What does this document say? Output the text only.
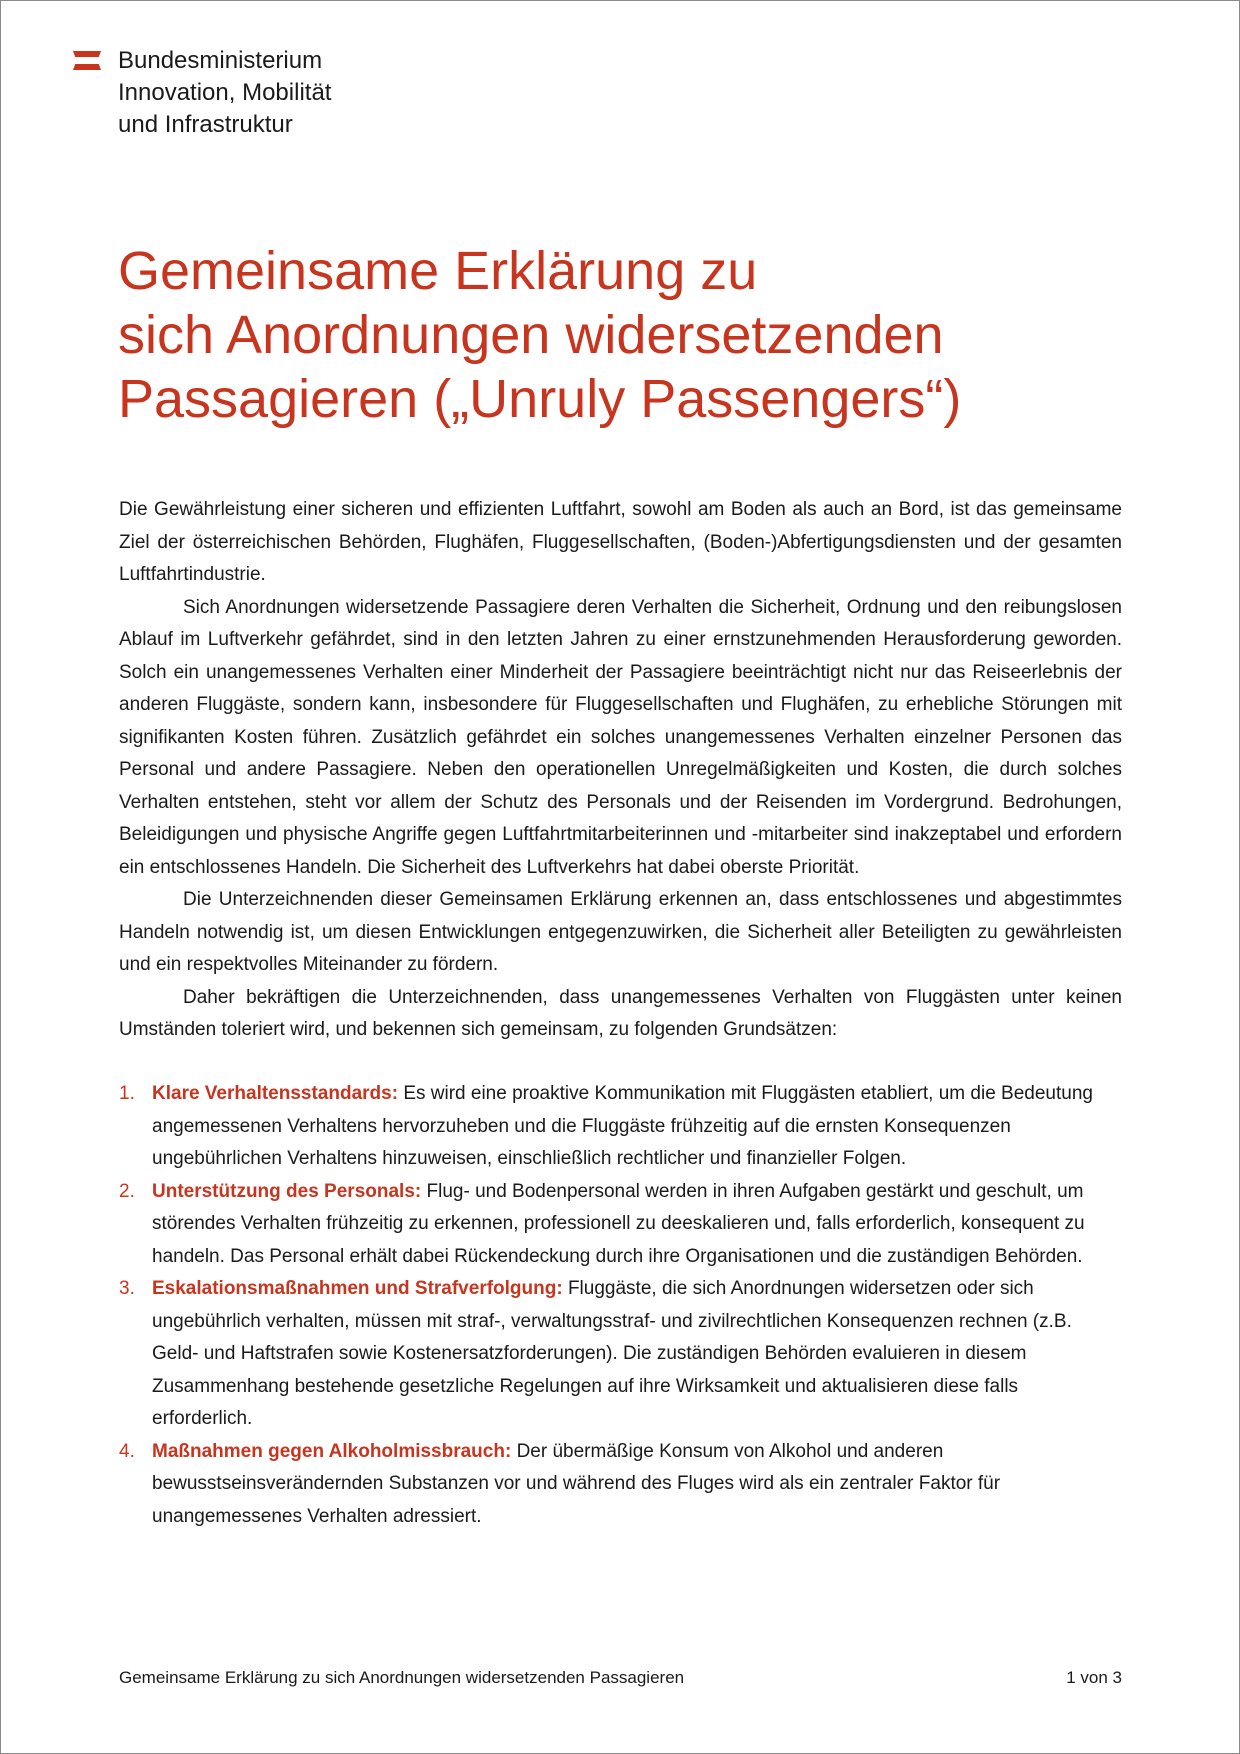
Bundesministerium
Innovation, Mobilität
und Infrastruktur
Gemeinsame Erklärung zu
sich Anordnungen widersetzenden
Passagieren („Unruly Passengers“)

Die Gewährleistung einer sicheren und effizienten Luftfahrt, sowohl am Boden als auch an Bord, ist das gemeinsame Ziel der österreichischen Behörden, Flughäfen, Fluggesellschaften, (Boden-)Abfertigungsdiensten und der gesamten Luftfahrtindustrie.

Sich Anordnungen widersetzende Passagiere deren Verhalten die Sicherheit, Ordnung und den reibungslosen Ablauf im Luftverkehr gefährdet, sind in den letzten Jahren zu einer ernstzunehmenden Herausforderung geworden. Solch ein unangemessenes Verhalten einer Minderheit der Passagiere beeinträchtigt nicht nur das Reiseerlebnis der anderen Fluggäste, sondern kann, insbesondere für Fluggesellschaften und Flughäfen, zu erhebliche Störungen mit signifikanten Kosten führen. Zusätzlich gefährdet ein solches unangemessenes Verhalten einzelner Personen das Personal und andere Passagiere. Neben den operationellen Unregelmäßigkeiten und Kosten, die durch solches Verhalten entstehen, steht vor allem der Schutz des Personals und der Reisenden im Vordergrund. Bedrohungen, Beleidigungen und physische Angriffe gegen Luftfahrtmitarbeiterinnen und -mitarbeiter sind inakzeptabel und erfordern ein entschlossenes Handeln. Die Sicherheit des Luftverkehrs hat dabei oberste Priorität.

Die Unterzeichnenden dieser Gemeinsamen Erklärung erkennen an, dass entschlossenes und abgestimmtes Handeln notwendig ist, um diesen Entwicklungen entgegenzuwirken, die Sicherheit aller Beteiligten zu gewährleisten und ein respektvolles Miteinander zu fördern.

Daher bekräftigen die Unterzeichnenden, dass unangemessenes Verhalten von Fluggästen unter keinen Umständen toleriert wird, und bekennen sich gemeinsam, zu folgenden Grundsätzen:

1. Klare Verhaltensstandards: Es wird eine proaktive Kommunikation mit Fluggästen etabliert, um die Bedeutung angemessenen Verhaltens hervorzuheben und die Fluggäste frühzeitig auf die ernsten Konsequenzen ungebührlichen Verhaltens hinzuweisen, einschließlich rechtlicher und finanzieller Folgen.
2. Unterstützung des Personals: Flug- und Bodenpersonal werden in ihren Aufgaben gestärkt und geschult, um störendes Verhalten frühzeitig zu erkennen, professionell zu deeskalieren und, falls erforderlich, konsequent zu handeln. Das Personal erhält dabei Rückendeckung durch ihre Organisationen und die zuständigen Behörden.
3. Eskalationsmaßnahmen und Strafverfolgung: Fluggäste, die sich Anordnungen widersetzen oder sich ungebührlich verhalten, müssen mit straf-, verwaltungsstraf- und zivilrechtlichen Konsequenzen rechnen (z.B. Geld- und Haftstrafen sowie Kostenersatzforderungen). Die zuständigen Behörden evaluieren in diesem Zusammenhang bestehende gesetzliche Regelungen auf ihre Wirksamkeit und aktualisieren diese falls erforderlich.
4. Maßnahmen gegen Alkoholmissbrauch: Der übermäßige Konsum von Alkohol und anderen bewusstseinsverändernden Substanzen vor und während des Fluges wird als ein zentraler Faktor für unangemessenes Verhalten adressiert.
Gemeinsame Erklärung zu sich Anordnungen widersetzenden Passagieren	1 von 3
